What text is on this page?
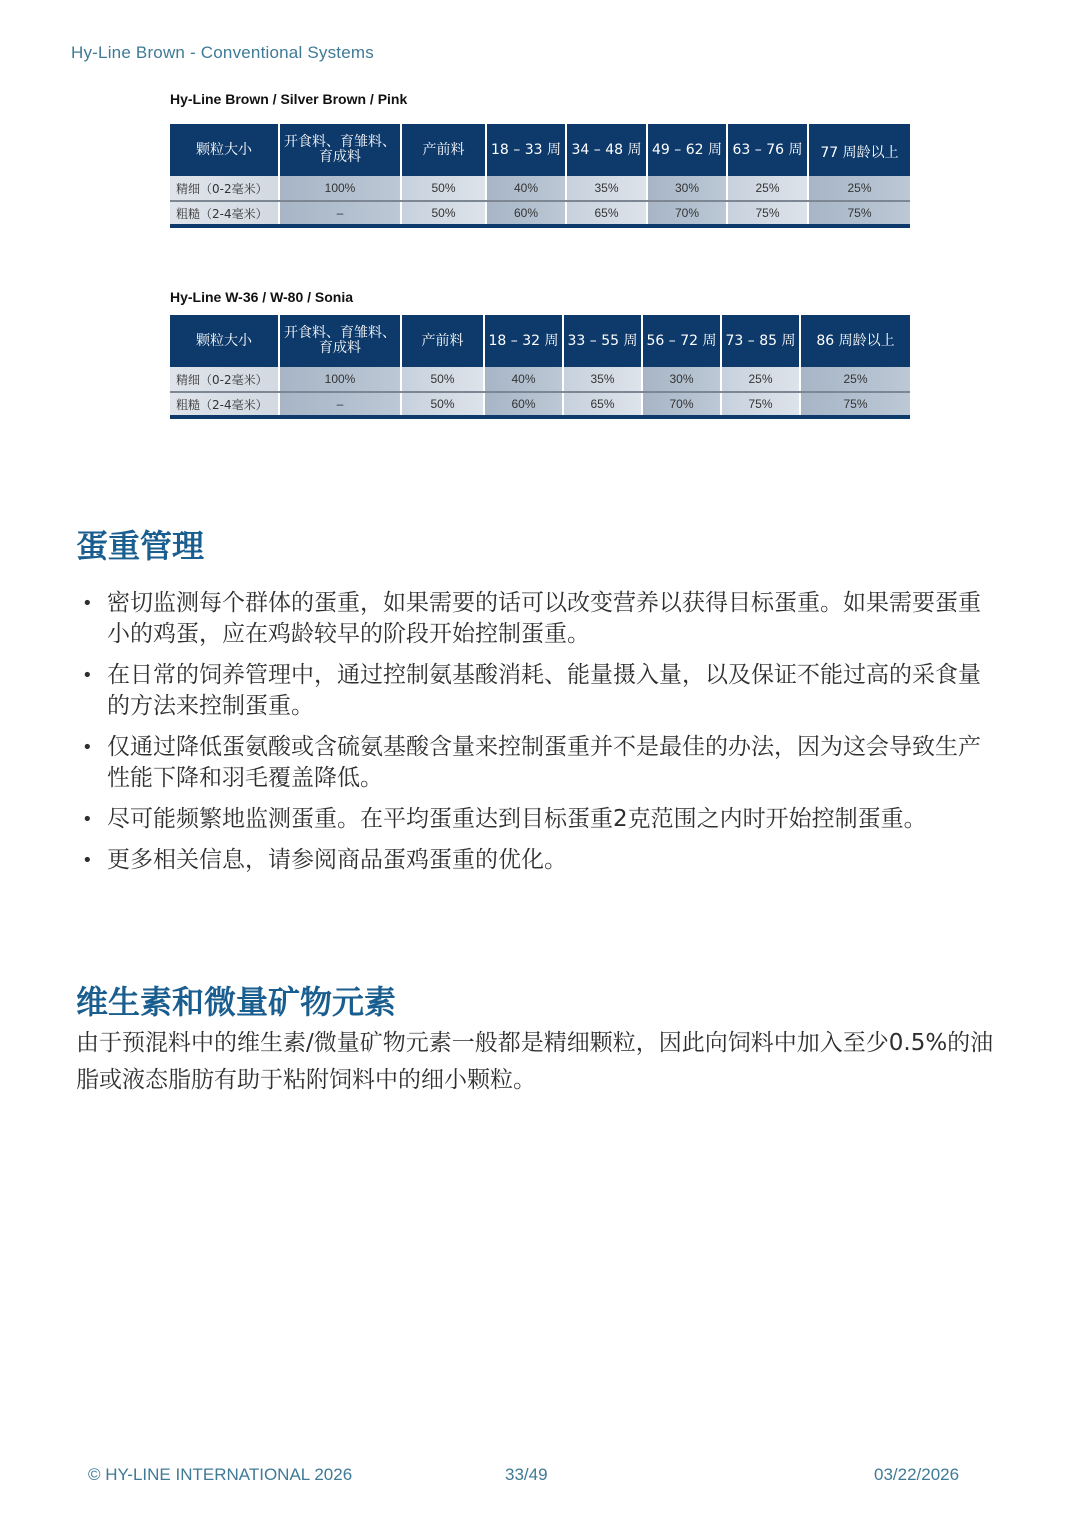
Hy-Line Brown - Conventional Systems
Hy-Line Brown / Silver Brown / Pink
颗粒大小	开食料、育雏料、育成料	产前料	18 – 33 周	34 – 48 周	49 – 62 周	63 – 76 周	77 周龄以上
精细（0-2毫米）	100%	50%	40%	35%	30%	25%	25%
粗糙（2-4毫米）	–	50%	60%	65%	70%	75%	75%
Hy-Line W-36 / W-80 / Sonia
颗粒大小	开食料、育雏料、育成料	产前料	18 – 32 周	33 – 55 周	56 – 72 周	73 – 85 周	86 周龄以上
精细（0-2毫米）	100%	50%	40%	35%	30%	25%	25%
粗糙（2-4毫米）	–	50%	60%	65%	70%	75%	75%
蛋重管理
• 密切监测每个群体的蛋重，如果需要的话可以改变营养以获得目标蛋重。如果需要蛋重小的鸡蛋，应在鸡龄较早的阶段开始控制蛋重。
• 在日常的饲养管理中，通过控制氨基酸消耗、能量摄入量，以及保证不能过高的采食量的方法来控制蛋重。
• 仅通过降低蛋氨酸或含硫氨基酸含量来控制蛋重并不是最佳的办法，因为这会导致生产性能下降和羽毛覆盖降低。
• 尽可能频繁地监测蛋重。在平均蛋重达到目标蛋重2克范围之内时开始控制蛋重。
• 更多相关信息，请参阅商品蛋鸡蛋重的优化。
维生素和微量矿物元素

由于预混料中的维生素/微量矿物元素一般都是精细颗粒，因此向饲料中加入至少0.5%的油脂或液态脂肪有助于粘附饲料中的细小颗粒。

© HY-LINE INTERNATIONAL 2026	33/49	03/22/2026
